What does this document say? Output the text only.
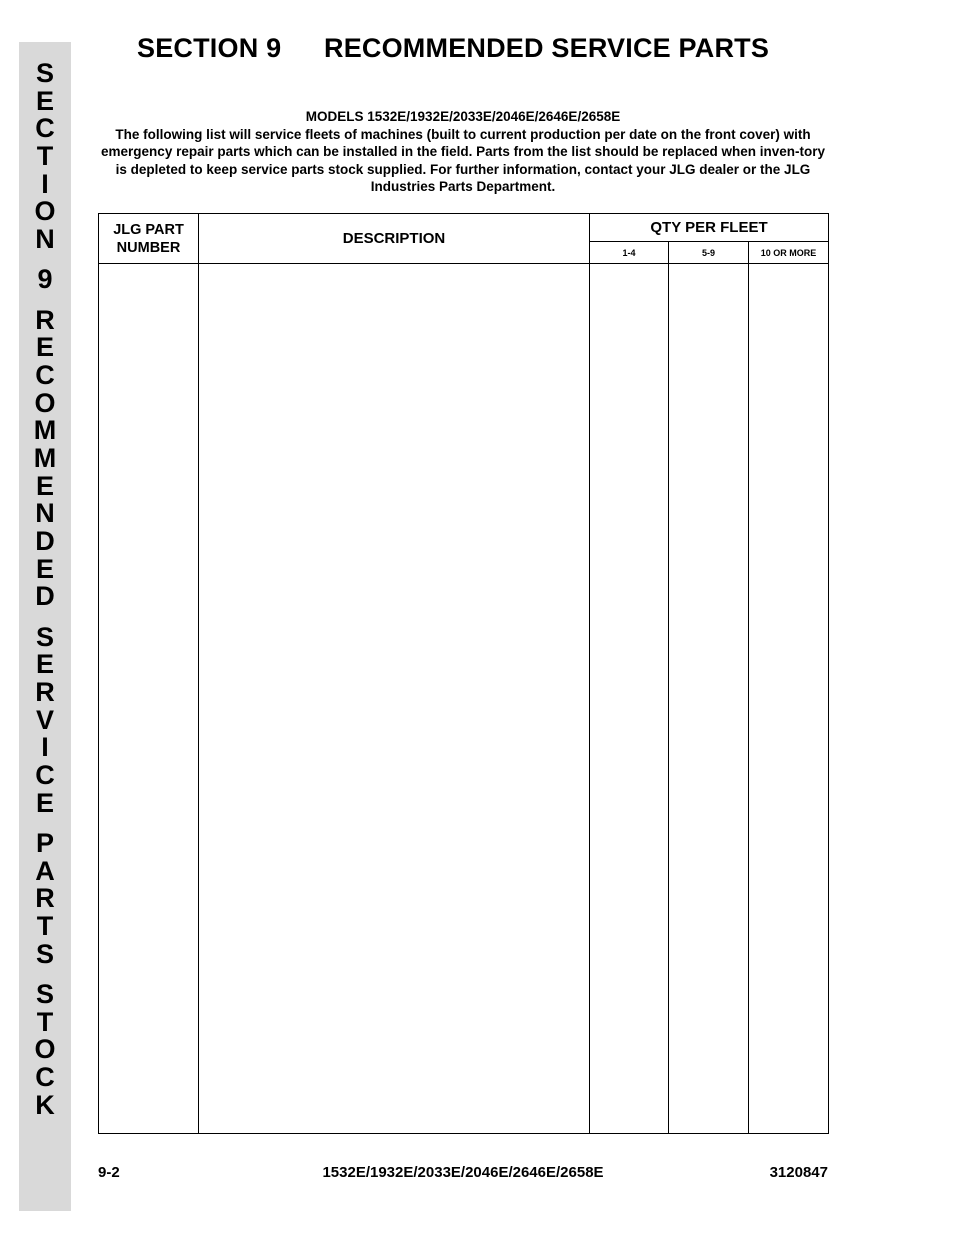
S
E
C
T
I
O
N
9
R
E
C
O
M
M
E
N
D
E
D
S
E
R
V
I
C
E
P
A
R
T
S
S
T
O
C
K
SECTION 9 RECOMMENDED SERVICE PARTS

MODELS 1532E/1932E/2033E/2046E/2646E/2658E

The following list will service fleets of machines (built to current production per date on the front cover) with emergency repair parts which can be installed in the field. Parts from the list should be replaced when inven-tory is depleted to keep service parts stock supplied. For further information, contact your JLG dealer or the JLG Industries Parts Department.

JLG PART NUMBER	DESCRIPTION	QTY PER FLEET		
		1-4	5-9	10 OR MORE

9-2	1532E/1932E/2033E/2046E/2646E/2658E	3120847
